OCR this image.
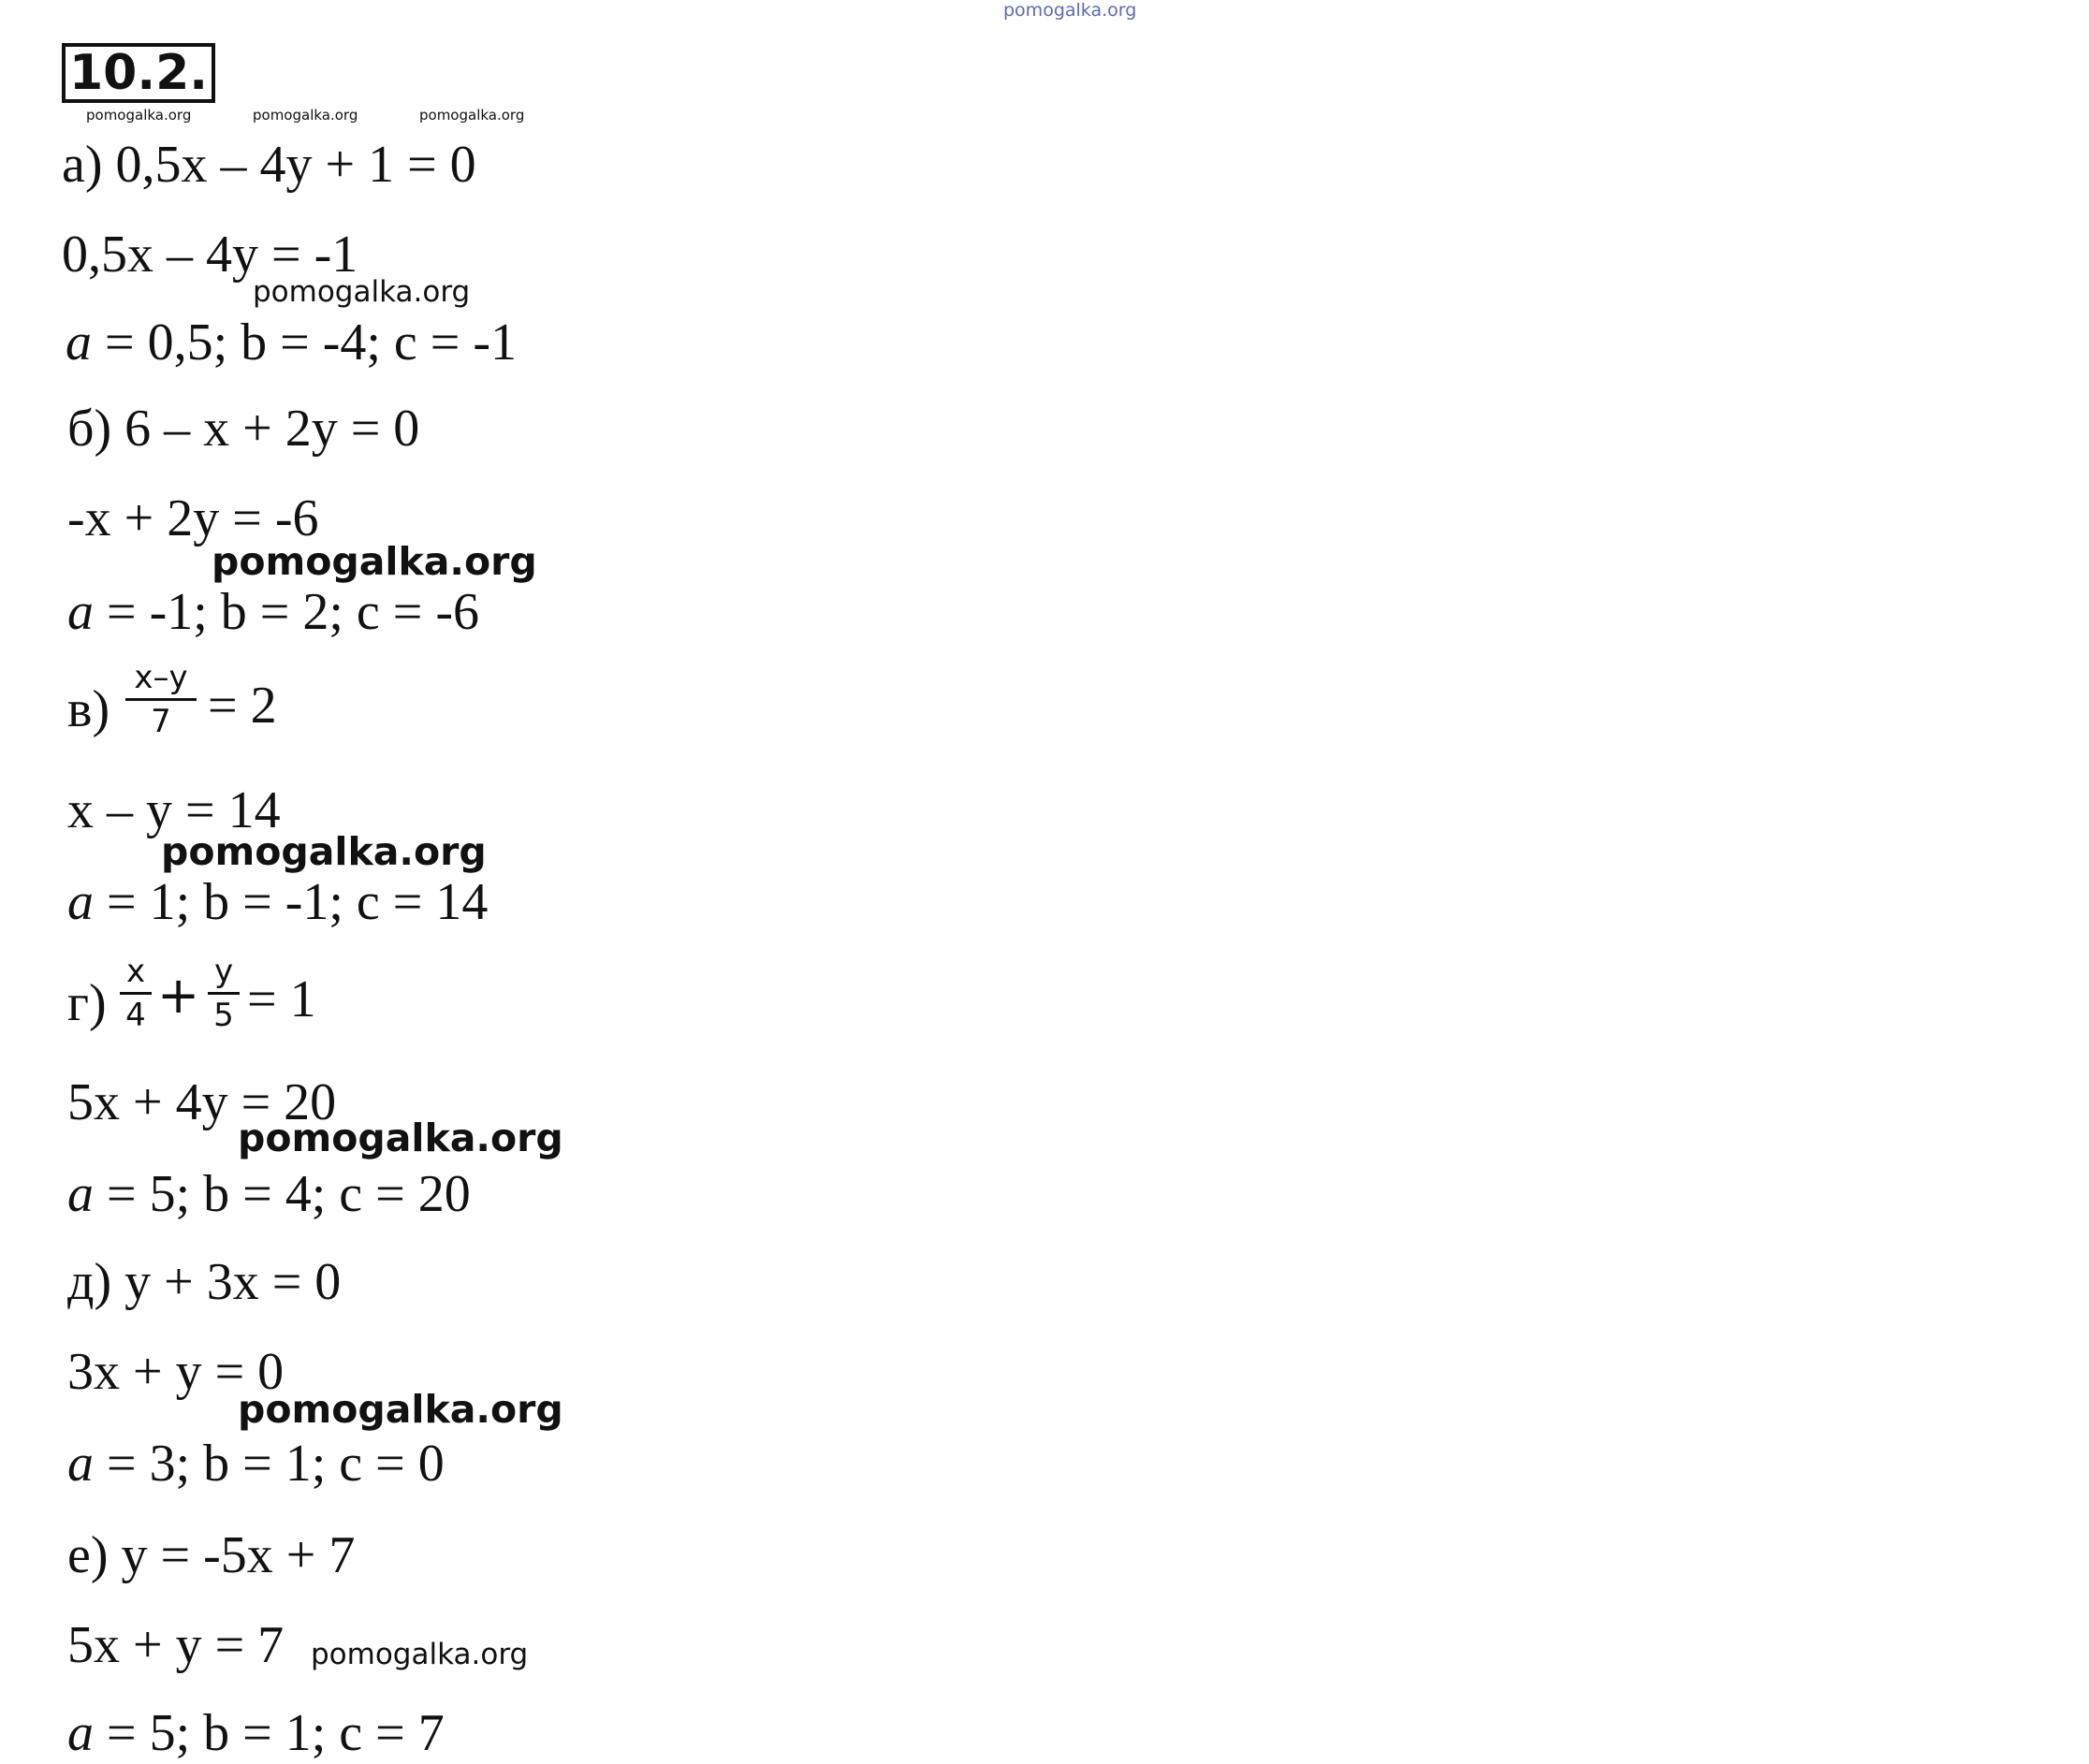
pomogalka.org
10.2.
pomogalka.org	pomogalka.org	pomogalka.org
а) 0,5x – 4y + 1 = 0
0,5x – 4y = -1
pomogalka.org
a = 0,5; b = -4; c = -1
б) 6 – x + 2y = 0
-x + 2y = -6
pomogalka.org
a = -1; b = 2; c = -6
в)
x–y
7 = 2
x – y = 14
pomogalka.org
a = 1; b = -1; c = 14
г)
x
4 + y
5 = 1
5x + 4y = 20
pomogalka.org
a = 5; b = 4; c = 20
д) y + 3x = 0
3x + y = 0
pomogalka.org
a = 3; b = 1; c = 0
е) y = -5x + 7
5x + y = 7 pomogalka.org
a = 5; b = 1; c = 7
